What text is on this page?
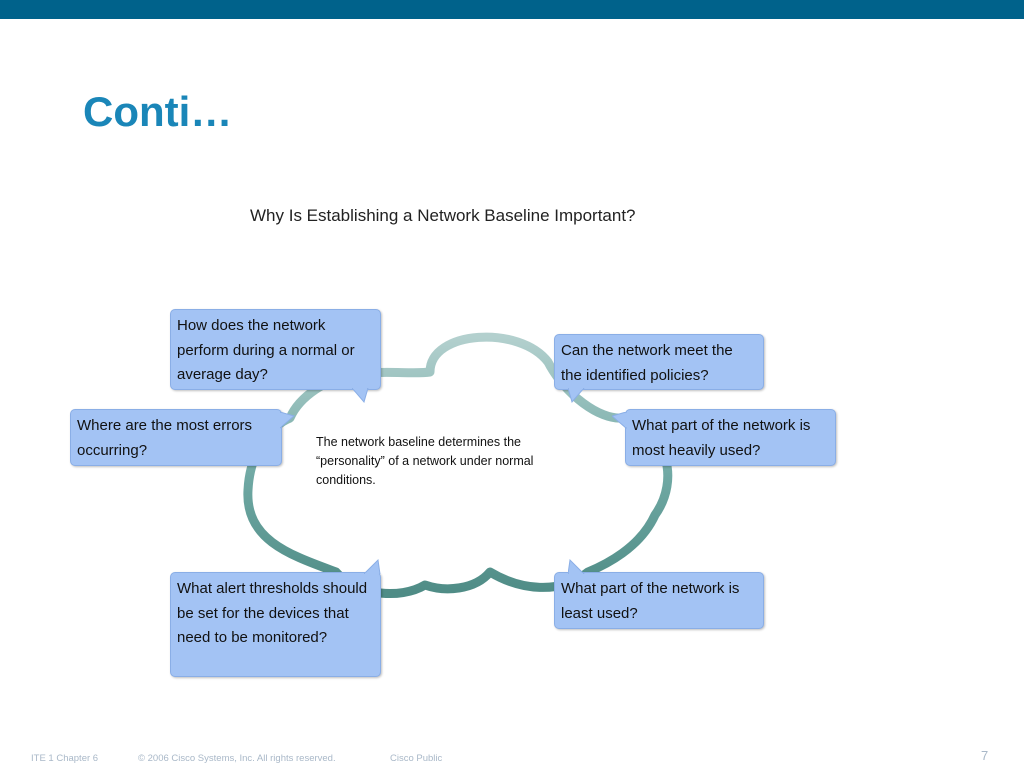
Conti…
Why Is Establishing a Network Baseline Important?
The network baseline determines the “personality” of a network under normal conditions.
How does the network perform during a normal or average day?
Can the network meet the the identified policies?
Where are the most errors occurring?
What part of the network is most heavily used?
What alert thresholds should be set for the devices that need to be monitored?
What part of the network is least used?
ITE 1 Chapter 6	© 2006 Cisco Systems, Inc. All rights reserved.	Cisco Public	7
